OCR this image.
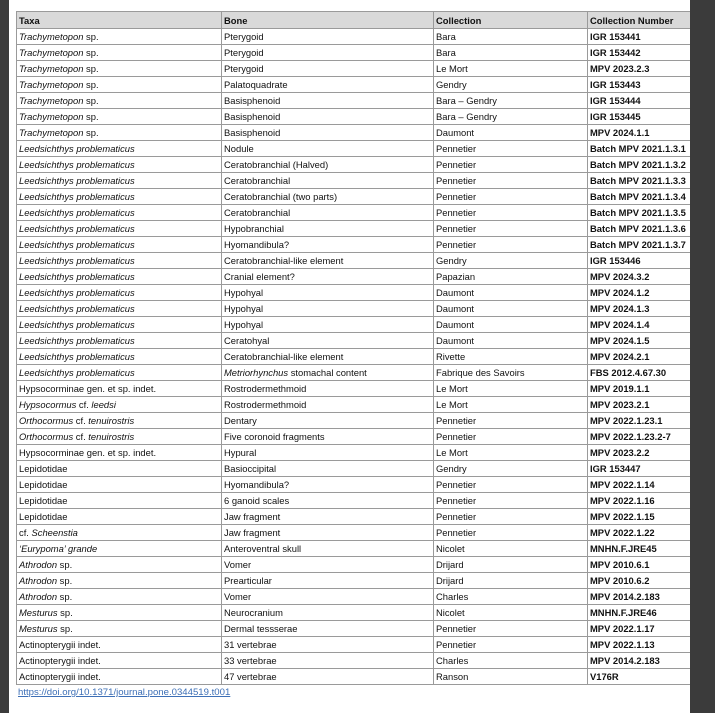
Taxa	Bone	Collection	Collection Number
Trachymetopon sp.	Pterygoid	Bara	IGR 153441
Trachymetopon sp.	Pterygoid	Bara	IGR 153442
Trachymetopon sp.	Pterygoid	Le Mort	MPV 2023.2.3
Trachymetopon sp.	Palatoquadrate	Gendry	IGR 153443
Trachymetopon sp.	Basisphenoid	Bara – Gendry	IGR 153444
Trachymetopon sp.	Basisphenoid	Bara – Gendry	IGR 153445
Trachymetopon sp.	Basisphenoid	Daumont	MPV 2024.1.1
Leedsichthys problematicus	Nodule	Pennetier	Batch MPV 2021.1.3.1
Leedsichthys problematicus	Ceratobranchial (Halved)	Pennetier	Batch MPV 2021.1.3.2
Leedsichthys problematicus	Ceratobranchial	Pennetier	Batch MPV 2021.1.3.3
Leedsichthys problematicus	Ceratobranchial (two parts)	Pennetier	Batch MPV 2021.1.3.4
Leedsichthys problematicus	Ceratobranchial	Pennetier	Batch MPV 2021.1.3.5
Leedsichthys problematicus	Hypobranchial	Pennetier	Batch MPV 2021.1.3.6
Leedsichthys problematicus	Hyomandibula?	Pennetier	Batch MPV 2021.1.3.7
Leedsichthys problematicus	Ceratobranchial-like element	Gendry	IGR 153446
Leedsichthys problematicus	Cranial element?	Papazian	MPV 2024.3.2
Leedsichthys problematicus	Hypohyal	Daumont	MPV 2024.1.2
Leedsichthys problematicus	Hypohyal	Daumont	MPV 2024.1.3
Leedsichthys problematicus	Hypohyal	Daumont	MPV 2024.1.4
Leedsichthys problematicus	Ceratohyal	Daumont	MPV 2024.1.5
Leedsichthys problematicus	Ceratobranchial-like element	Rivette	MPV 2024.2.1
Leedsichthys problematicus	Metriorhynchus stomachal content	Fabrique des Savoirs	FBS 2012.4.67.30
Hypsocorminae gen. et sp. indet.	Rostrodermethmoid	Le Mort	MPV 2019.1.1
Hypsocormus cf. leedsi	Rostrodermethmoid	Le Mort	MPV 2023.2.1
Orthocormus cf. tenuirostris	Dentary	Pennetier	MPV 2022.1.23.1
Orthocormus cf. tenuirostris	Five coronoid fragments	Pennetier	MPV 2022.1.23.2-7
Hypsocorminae gen. et sp. indet.	Hypural	Le Mort	MPV 2023.2.2
Lepidotidae	Basioccipital	Gendry	IGR 153447
Lepidotidae	Hyomandibula?	Pennetier	MPV 2022.1.14
Lepidotidae	6 ganoid scales	Pennetier	MPV 2022.1.16
Lepidotidae	Jaw fragment	Pennetier	MPV 2022.1.15
cf. Scheenstia	Jaw fragment	Pennetier	MPV 2022.1.22
‘Eurypoma’ grande	Anteroventral skull	Nicolet	MNHN.F.JRE45
Athrodon sp.	Vomer	Drijard	MPV 2010.6.1
Athrodon sp.	Prearticular	Drijard	MPV 2010.6.2
Athrodon sp.	Vomer	Charles	MPV 2014.2.183
Mesturus sp.	Neurocranium	Nicolet	MNHN.F.JRE46
Mesturus sp.	Dermal tessserae	Pennetier	MPV 2022.1.17
Actinopterygii indet.	31 vertebrae	Pennetier	MPV 2022.1.13
Actinopterygii indet.	33 vertebrae	Charles	MPV 2014.2.183
Actinopterygii indet.	47 vertebrae	Ranson	V176R
https://doi.org/10.1371/journal.pone.0344519.t001
